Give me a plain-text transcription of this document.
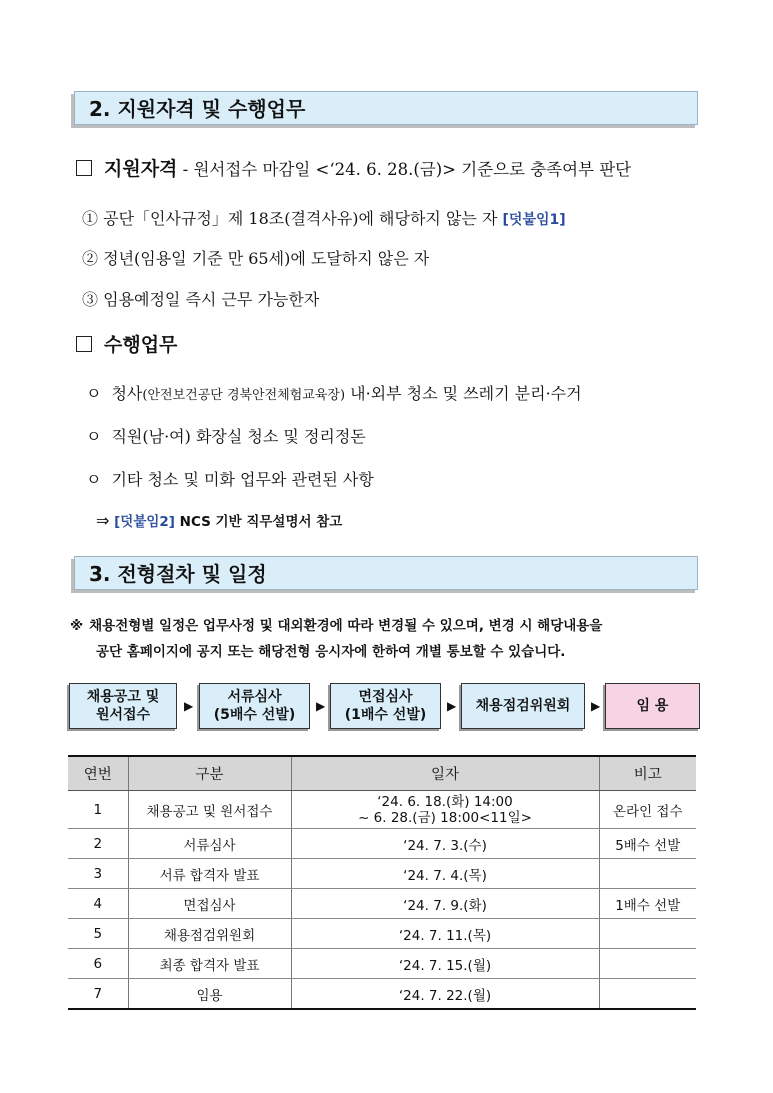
2. 지원자격 및 수행업무
지원자격 - 원서접수 마감일 <‘24. 6. 28.(금)> 기준으로 충족여부 판단
① 공단「인사규정」제 18조(결격사유)에 해당하지 않는 자 [덧붙임1]
② 정년(임용일 기준 만 65세)에 도달하지 않은 자
③ 임용예정일 즉시 근무 가능한자
수행업무
ㅇ 청사(안전보건공단 경북안전체험교육장) 내·외부 청소 및 쓰레기 분리·수거
ㅇ 직원(남·여) 화장실 청소 및 정리정돈
ㅇ 기타 청소 및 미화 업무와 관련된 사항
⇒ [덧붙임2] NCS 기반 직무설명서 참고
3. 전형절차 및 일정
※ 채용전형별 일정은 업무사정 및 대외환경에 따라 변경될 수 있으며, 변경 시 해당내용을
공단 홈페이지에 공지 또는 해당전형 응시자에 한하여 개별 통보할 수 있습니다.
채용공고 및
원서접수
▶
서류심사
(5배수 선발)
▶
면접심사
(1배수 선발)
▶ 채용점검위원회 ▶	임 용
연번	구분	일자	비고
1	채용공고 및 원서접수	‘24. 6. 18.(화) 14:00
~ 6. 28.(금) 18:00<11일>	온라인 접수
2	서류심사	‘24. 7. 3.(수)	5배수 선발
3	서류 합격자 발표	‘24. 7. 4.(목)	
4	면접심사	‘24. 7. 9.(화)	1배수 선발
5	채용점검위원회	‘24. 7. 11.(목)	
6	최종 합격자 발표	‘24. 7. 15.(월)	
7	임용	‘24. 7. 22.(월)	
